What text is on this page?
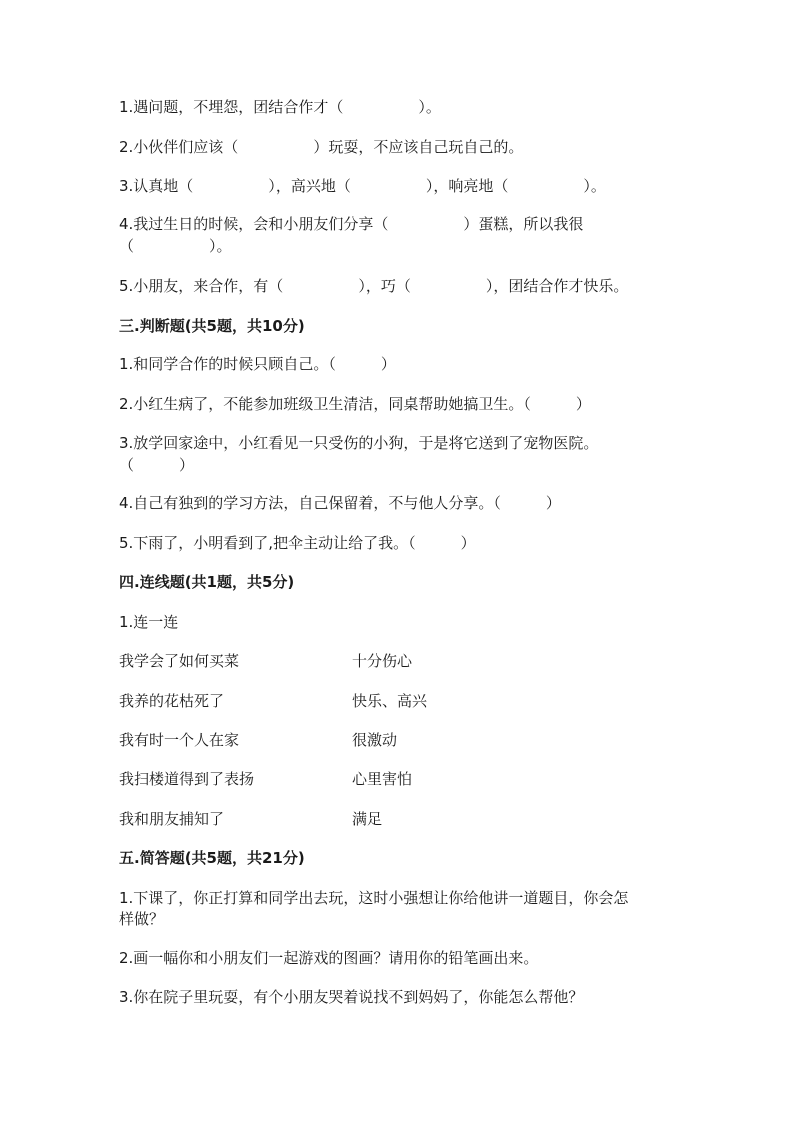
1.遇问题，不埋怨，团结合作才（　　　　　）。
2.小伙伴们应该（　　　　　）玩耍，不应该自己玩自己的。
3.认真地（　　　　　），高兴地（　　　　　），响亮地（　　　　　）。
4.我过生日的时候，会和小朋友们分享（　　　　　）蛋糕，所以我很
（　　　　　）。
5.小朋友，来合作，有（　　　　　），巧（　　　　　），团结合作才快乐。
三.判断题(共5题，共10分)
1.和同学合作的时候只顾自己。（　　　）
2.小红生病了，不能参加班级卫生清洁，同桌帮助她搞卫生。（　　　）
3.放学回家途中，小红看见一只受伤的小狗，于是将它送到了宠物医院。
（　　　）
4.自己有独到的学习方法，自己保留着，不与他人分享。（　　　）
5.下雨了，小明看到了,把伞主动让给了我。（　　　）
四.连线题(共1题，共5分)
1.连一连
我学会了如何买菜	十分伤心
我养的花枯死了	快乐、高兴
我有时一个人在家	很激动
我扫楼道得到了表扬	心里害怕
我和朋友捕知了	满足
五.简答题(共5题，共21分)
1.下课了，你正打算和同学出去玩，这时小强想让你给他讲一道题目，你会怎
样做？
2.画一幅你和小朋友们一起游戏的图画？请用你的铅笔画出来。
3.你在院子里玩耍，有个小朋友哭着说找不到妈妈了，你能怎么帮他？
